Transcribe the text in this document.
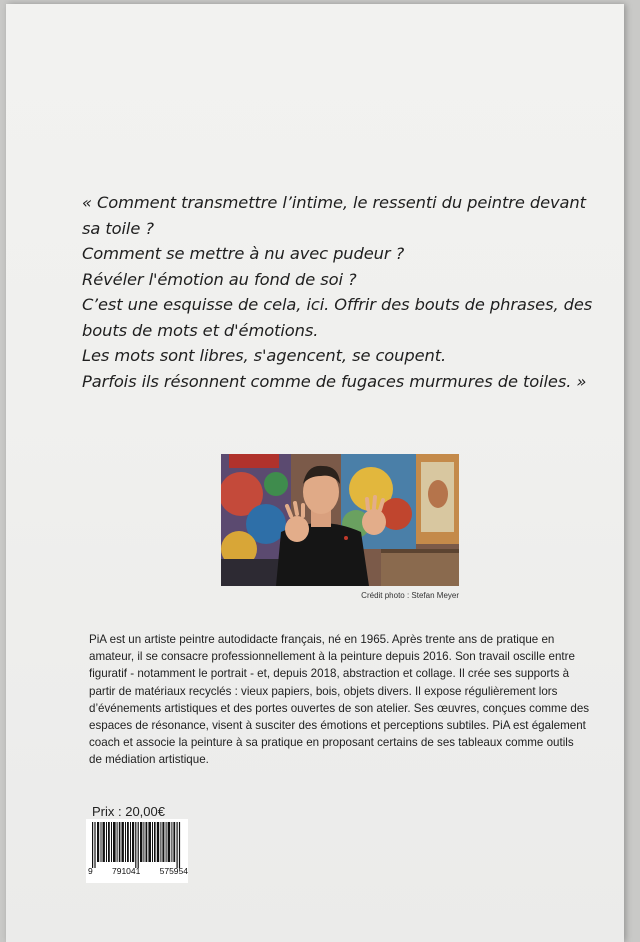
« Comment transmettre l’intime, le ressenti du peintre devant
sa toile ?
Comment se mettre à nu avec pudeur ?
Révéler l'émotion au fond de soi ?
C’est une esquisse de cela, ici. Offrir des bouts de phrases, des
bouts de mots et d'émotions.
Les mots sont libres, s'agencent, se coupent.
Parfois ils résonnent comme de fugaces murmures de toiles. »
Crédit photo : Stefan Meyer
PiA est un artiste peintre autodidacte français, né en 1965. Après trente ans de pratique en
amateur, il se consacre professionnellement à la peinture depuis 2016. Son travail oscille entre
figuratif - notamment le portrait - et, depuis 2018, abstraction et collage. Il crée ses supports à
partir de matériaux recyclés : vieux papiers, bois, objets divers. Il expose régulièrement lors
d’événements artistiques et des portes ouvertes de son atelier. Ses œuvres, conçues comme des
espaces de résonance, visent à susciter des émotions et perceptions subtiles. PiA est également
coach et associe la peinture à sa pratique en proposant certains de ses tableaux comme outils
de médiation artistique.
Prix : 20,00€
9 791041 575954
